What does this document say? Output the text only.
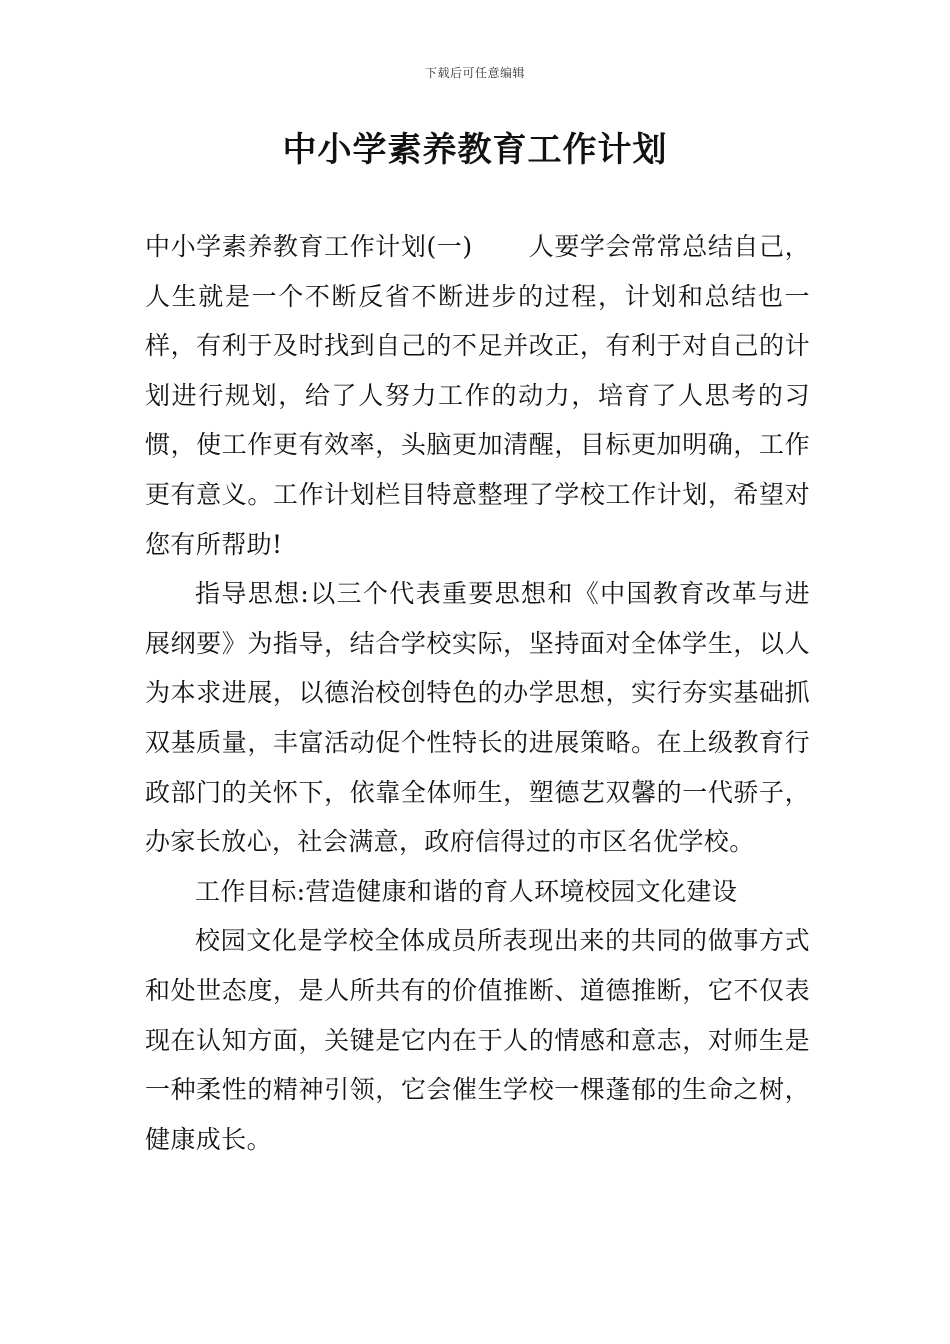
下载后可任意编辑
中小学素养教育工作计划

中小学素养教育工作计划(一) 人要学会常常总结自己，人生就是一个不断反省不断进步的过程，计划和总结也一样，有利于及时找到自己的不足并改正，有利于对自己的计划进行规划，给了人努力工作的动力，培育了人思考的习惯，使工作更有效率，头脑更加清醒，目标更加明确，工作更有意义。工作计划栏目特意整理了学校工作计划，希望对您有所帮助!

指导思想:以三个代表重要思想和《中国教育改革与进展纲要》为指导，结合学校实际，坚持面对全体学生，以人为本求进展，以德治校创特色的办学思想，实行夯实基础抓双基质量，丰富活动促个性特长的进展策略。在上级教育行政部门的关怀下，依靠全体师生，塑德艺双馨的一代骄子，办家长放心，社会满意，政府信得过的市区名优学校。

工作目标:营造健康和谐的育人环境校园文化建设

校园文化是学校全体成员所表现出来的共同的做事方式和处世态度，是人所共有的价值推断、道德推断，它不仅表现在认知方面，关键是它内在于人的情感和意志，对师生是一种柔性的精神引领，它会催生学校一棵蓬郁的生命之树，健康成长。
